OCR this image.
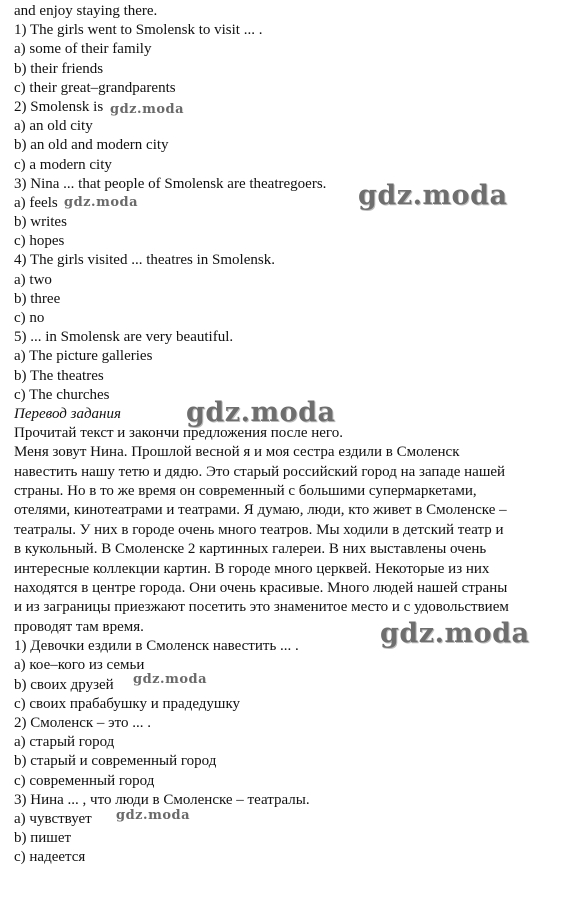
and enjoy staying there.
1) The girls went to Smolensk to visit ... .
a) some of their family
b) their friends
c) their great–grandparents
2) Smolensk is
a) an old city
b) an old and modern city
c) a modern city
3) Nina ... that people of Smolensk are theatregoers.
a) feels
b) writes
c) hopes
4) The girls visited ... theatres in Smolensk.
a) two
b) three
c) no
5) ... in Smolensk are very beautiful.
a) The picture galleries
b) The theatres
c) The churches
Перевод задания
Прочитай текст и закончи предложения после него.
Меня зовут Нина. Прошлой весной я и моя сестра ездили в Смоленск
навестить нашу тетю и дядю. Это старый российский город на западе нашей
страны. Но в то же время он современный с большими супермаркетами,
отелями, кинотеатрами и театрами. Я думаю, люди, кто живет в Смоленске –
театралы. У них в городе очень много театров. Мы ходили в детский театр и
в кукольный. В Смоленске 2 картинных галереи. В них выставлены очень
интересные коллекции картин. В городе много церквей. Некоторые из них
находятся в центре города. Они очень красивые. Много людей нашей страны
и из заграницы приезжают посетить это знаменитое место и с удовольствием
проводят там время.
1) Девочки ездили в Смоленск навестить ... .
a) кое–кого из семьи
b) своих друзей
c) своих прабабушку и прадедушку
2) Смоленск – это ... .
a) старый город
b) старый и современный город
c) современный город
3) Нина ... , что люди в Смоленске – театралы.
a) чувствует
b) пишет
c) надеется
gdz.moda
gdz.moda
gdz.moda
gdz.moda
gdz.moda
gdz.moda
gdz.moda
